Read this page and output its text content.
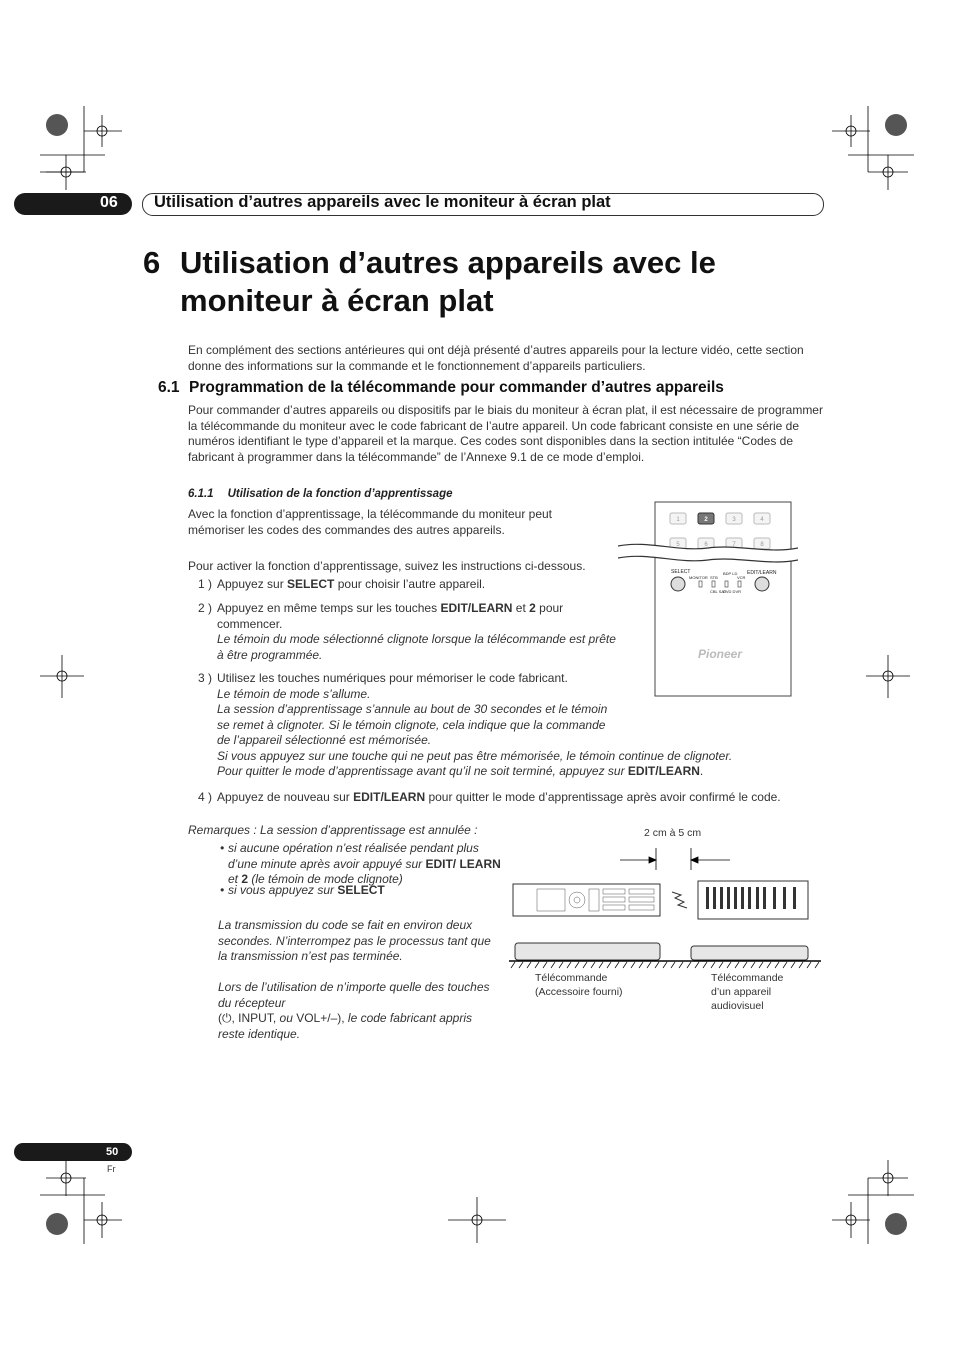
06 Utilisation d’autres appareils avec le moniteur à écran plat
6 Utilisation d’autres appareils avec le moniteur à écran plat

En complément des sections antérieures qui ont déjà présenté d’autres appareils pour la lecture vidéo, cette section donne des informations sur la commande et le fonctionnement d’appareils particuliers.

6.1 Programmation de la télécommande pour commander d’autres appareils

Pour commander d’autres appareils ou dispositifs par le biais du moniteur à écran plat, il est nécessaire de programmer la télécommande du moniteur avec le code fabricant de l’autre appareil. Un code fabricant consiste en une série de numéros identifiant le type d’appareil et la marque. Ces codes sont disponibles dans la section intitulée “Codes de fabricant à programmer dans la télécommande” de l’Annexe 9.1 de ce mode d’emploi.

6.1.1 Utilisation de la fonction d’apprentissage

Avec la fonction d’apprentissage, la télécommande du moniteur peut mémoriser les codes des commandes des autres appareils.

Pour activer la fonction d’apprentissage, suivez les instructions ci-dessous.

1 ) Appuyez sur SELECT pour choisir l’autre appareil.
2 ) Appuyez en même temps sur les touches EDIT/LEARN et 2 pour commencer.
Le témoin du mode sélectionné clignote lorsque la télécommande est prête à être programmée.
3 ) Utilisez les touches numériques pour mémoriser le code fabricant.
Le témoin de mode s’allume.
La session d’apprentissage s’annule au bout de 30 secondes et le témoin se remet à clignoter. Si le témoin clignote, cela indique que la commande de l’appareil sélectionné est mémorisée.
Si vous appuyez sur une touche qui ne peut pas être mémorisée, le témoin continue de clignoter.
Pour quitter le mode d’apprentissage avant qu’il ne soit terminé, appuyez sur EDIT/LEARN.
4 ) Appuyez de nouveau sur EDIT/LEARN pour quitter le mode d’apprentissage après avoir confirmé le code.

Remarques : La session d’apprentissage est annulée :

• si aucune opération n’est réalisée pendant plus d’une minute après avoir appuyé sur EDIT/ LEARN et 2 (le témoin de mode clignote)
• si vous appuyez sur SELECT

La transmission du code se fait en environ deux secondes. N’interrompez pas le processus tant que la transmission n’est pas terminée.

Lors de l’utilisation de n’importe quelle des touches du récepteur
(⏻, INPUT, ou VOL+/–), le code fabricant appris reste identique.
1	2	3	4
5	6	7	8
SELECT	EDIT/LEARN
MONITOR STB
BDP LD
VCR
CBL SAT
DVD DVR
Pioneer
2 cm à 5 cm
Télécommande (Accessoire fourni)
Télécommande d’un appareil audiovisuel
50
Fr
